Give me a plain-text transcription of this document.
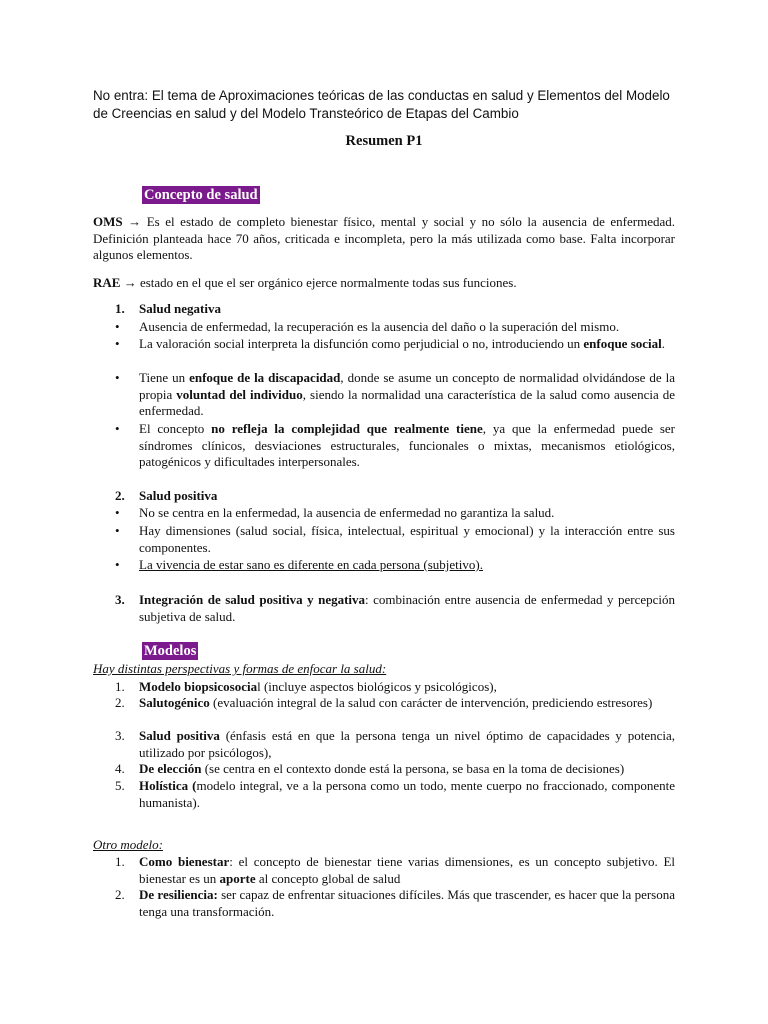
No entra: El tema de Aproximaciones teóricas de las conductas en salud y Elementos del Modelo de Creencias en salud y del Modelo Transteórico de Etapas del Cambio
Resumen P1
Concepto de salud
OMS → Es el estado de completo bienestar físico, mental y social y no sólo la ausencia de enfermedad. Definición planteada hace 70 años, criticada e incompleta, pero la más utilizada como base. Falta incorporar algunos elementos.
RAE → estado en el que el ser orgánico ejerce normalmente todas sus funciones.
1.	Salud negativa
•	Ausencia de enfermedad, la recuperación es la ausencia del daño o la superación del mismo.
•	La valoración social interpreta la disfunción como perjudicial o no, introduciendo un enfoque social.
•	Tiene un enfoque de la discapacidad, donde se asume un concepto de normalidad olvidándose de la propia voluntad del individuo, siendo la normalidad una característica de la salud como ausencia de enfermedad.
•	El concepto no refleja la complejidad que realmente tiene, ya que la enfermedad puede ser síndromes clínicos, desviaciones estructurales, funcionales o mixtas, mecanismos etiológicos, patogénicos y dificultades interpersonales.
2.	Salud positiva
•	No se centra en la enfermedad, la ausencia de enfermedad no garantiza la salud.
•	Hay dimensiones (salud social, física, intelectual, espiritual y emocional) y la interacción entre sus componentes.
•	La vivencia de estar sano es diferente en cada persona (subjetivo).
3.	Integración de salud positiva y negativa: combinación entre ausencia de enfermedad y percepción subjetiva de salud.
Modelos
Hay distintas perspectivas y formas de enfocar la salud:
1.	Modelo biopsicosocial (incluye aspectos biológicos y psicológicos),
2.	Salutogénico (evaluación integral de la salud con carácter de intervención, prediciendo estresores)
3.	Salud positiva (énfasis está en que la persona tenga un nivel óptimo de capacidades y potencia, utilizado por psicólogos),
4.	De elección (se centra en el contexto donde está la persona, se basa en la toma de decisiones)
5.	Holística (modelo integral, ve a la persona como un todo, mente cuerpo no fraccionado, componente humanista).
Otro modelo:
1.	Como bienestar: el concepto de bienestar tiene varias dimensiones, es un concepto subjetivo. El bienestar es un aporte al concepto global de salud
2.	De resiliencia: ser capaz de enfrentar situaciones difíciles. Más que trascender, es hacer que la persona tenga una transformación.
